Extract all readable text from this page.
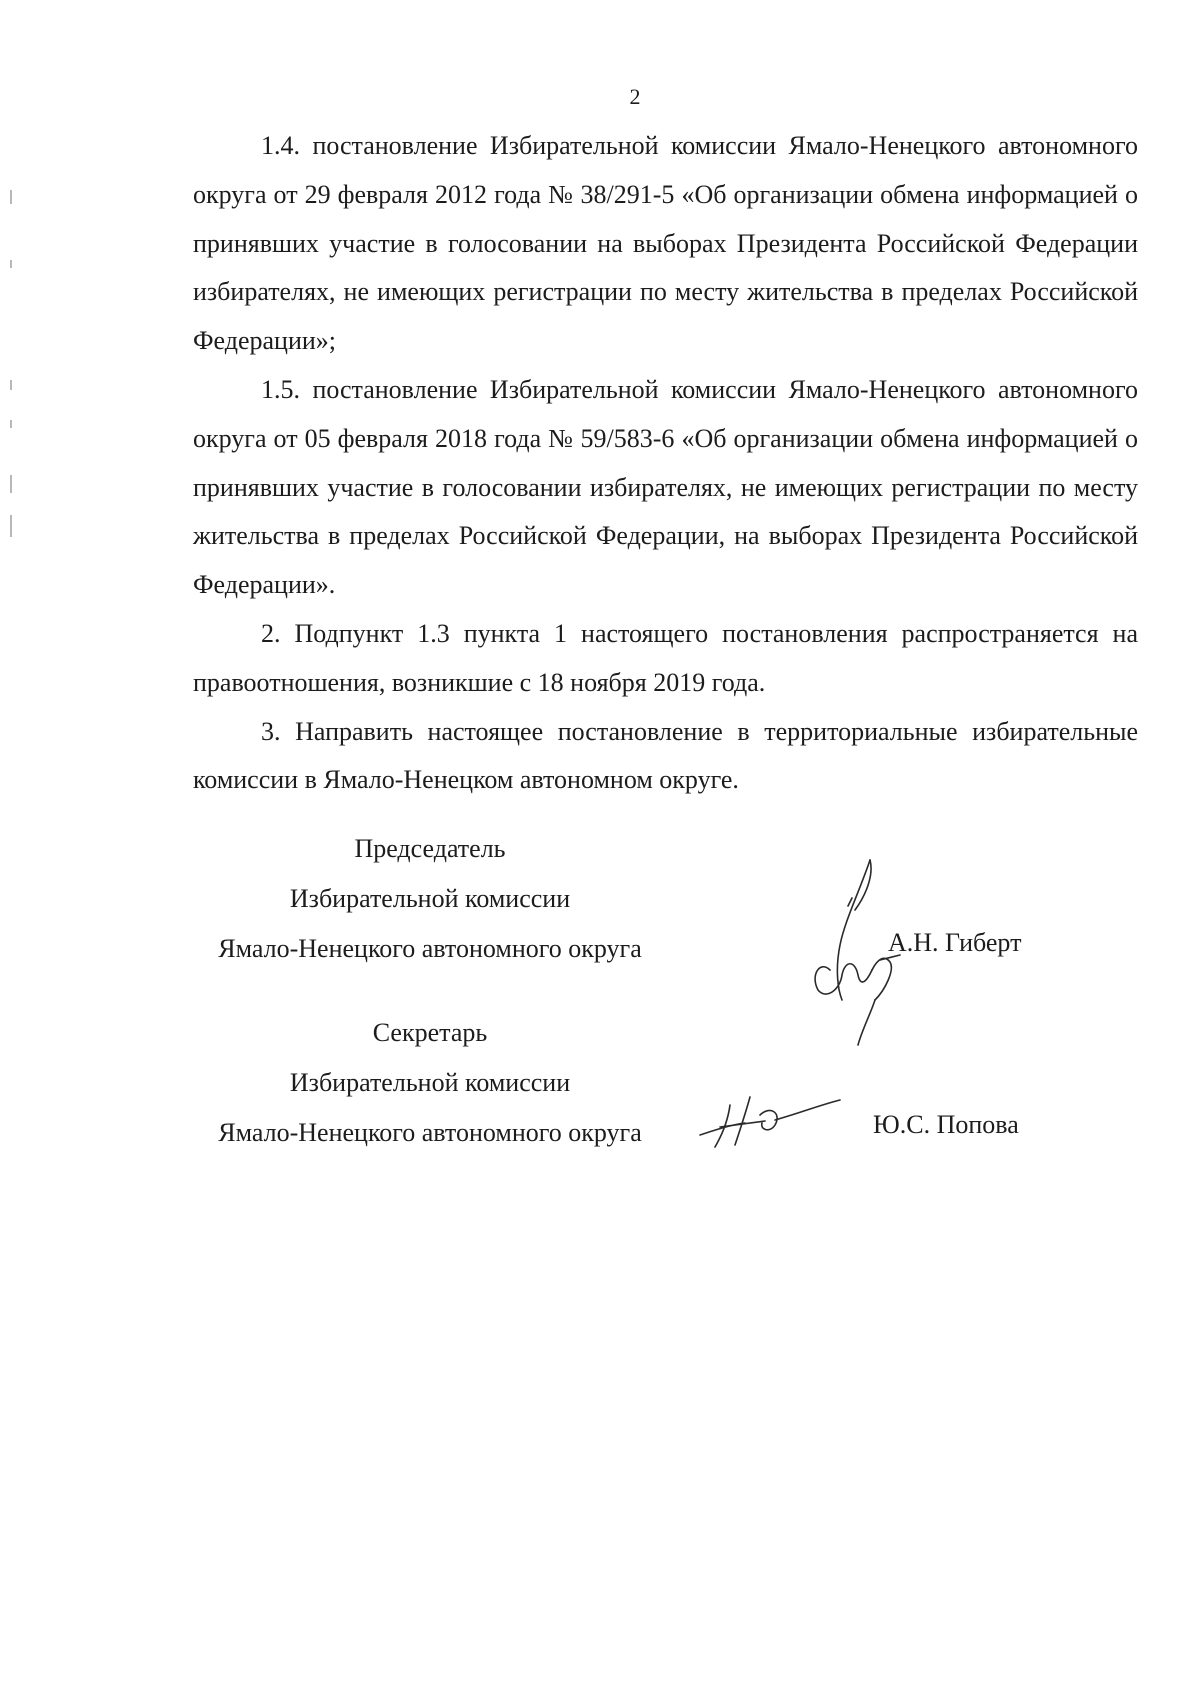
2

1.4. постановление Избирательной комиссии Ямало-Ненецкого автономного округа от 29 февраля 2012 года № 38/291-5 «Об организации обмена информацией о принявших участие в голосовании на выборах Президента Российской Федерации избирателях, не имеющих регистрации по месту жительства в пределах Российской Федерации»;

1.5. постановление Избирательной комиссии Ямало-Ненецкого автономного округа от 05 февраля 2018 года № 59/583-6 «Об организации обмена информацией о принявших участие в голосовании избирателях, не имеющих регистрации по месту жительства в пределах Российской Федерации, на выборах Президента Российской Федерации».

2. Подпункт 1.3 пункта 1 настоящего постановления распространяется на правоотношения, возникшие с 18 ноября 2019 года.

3. Направить настоящее постановление в территориальные избирательные комиссии в Ямало-Ненецком автономном округе.

Председатель
Избирательной комиссии
Ямало-Ненецкого автономного округа	А.Н. Гиберт
Секретарь
Избирательной комиссии
Ямало-Ненецкого автономного округа	Ю.С. Попова
